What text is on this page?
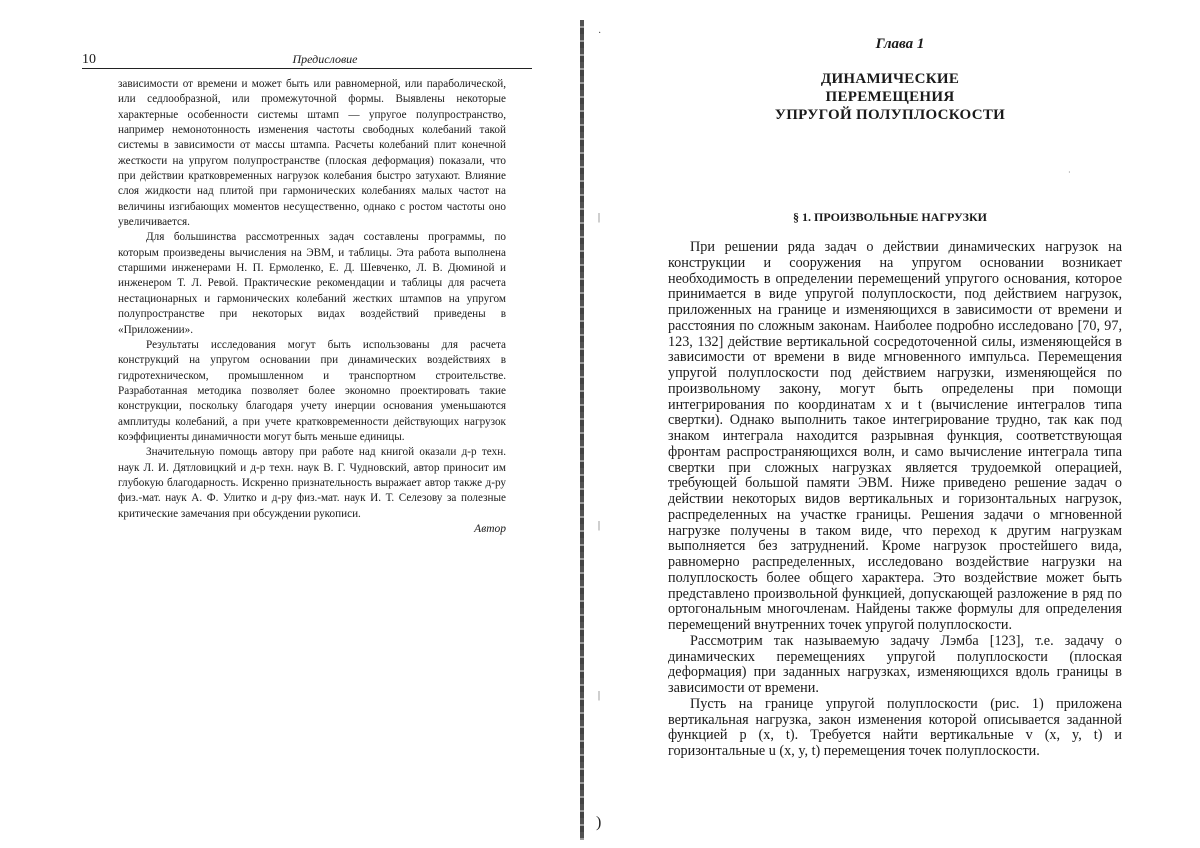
10	Предисловие

зависимости от времени и может быть или равномерной, или параболической, или седлообразной, или промежуточной формы. Выявлены некоторые характерные особенности системы штамп — упругое полупространство, например немонотонность изменения частоты свободных колебаний такой системы в зависимости от массы штампа. Расчеты колебаний плит конечной жесткости на упругом полупространстве (плоская деформация) показали, что при действии кратковременных нагрузок колебания быстро затухают. Влияние слоя жидкости над плитой при гармонических колебаниях малых частот на величины изгибающих моментов несущественно, однако с ростом частоты оно увеличивается.

Для большинства рассмотренных задач составлены программы, по которым произведены вычисления на ЭВМ, и таблицы. Эта работа выполнена старшими инженерами Н. П. Ермоленко, Е. Д. Шевченко, Л. В. Дюминой и инженером Т. Л. Ревой. Практические рекомендации и таблицы для расчета нестационарных и гармонических колебаний жестких штампов на упругом полупространстве при некоторых видах воздействий приведены в «Приложении».

Результаты исследования могут быть использованы для расчета конструкций на упругом основании при динамических воздействиях в гидротехническом, промышленном и транспортном строительстве. Разработанная методика позволяет более экономно проектировать такие конструкции, поскольку благодаря учету инерции основания уменьшаются амплитуды колебаний, а при учете кратковременности действующих нагрузок коэффициенты динамичности могут быть меньше единицы.

Значительную помощь автору при работе над книгой оказали д-р техн. наук Л. И. Дятловицкий и д-р техн. наук В. Г. Чудновский, автор приносит им глубокую благодарность. Искренно признательность выражает автор также д-ру физ.-мат. наук А. Ф. Улитко и д-ру физ.-мат. наук И. Т. Селезову за полезные критические замечания при обсуждении рукописи.

Автор
·
|
|
|
)
Глава 1
ДИНАМИЧЕСКИЕ
ПЕРЕМЕЩЕНИЯ
УПРУГОЙ ПОЛУПЛОСКОСТИ
·
§ 1. ПРОИЗВОЛЬНЫЕ НАГРУЗКИ

При решении ряда задач о действии динамических нагрузок на конструкции и сооружения на упругом основании возникает необходимость в определении перемещений упругого основания, которое принимается в виде упругой полуплоскости, под действием нагрузок, приложенных на границе и изменяющихся в зависимости от времени и расстояния по сложным законам. Наиболее подробно исследовано [70, 97, 123, 132] действие вертикальной сосредоточенной силы, изменяющейся в зависимости от времени в виде мгновенного импульса. Перемещения упругой полуплоскости под действием нагрузки, изменяющейся по произвольному закону, могут быть определены при помощи интегрирования по координатам x и t (вычисление интегралов типа свертки). Однако выполнить такое интегрирование трудно, так как под знаком интеграла находится разрывная функция, соответствующая фронтам распространяющихся волн, и само вычисление интеграла типа свертки при сложных нагрузках является трудоемкой операцией, требующей большой памяти ЭВМ. Ниже приведено решение задач о действии некоторых видов вертикальных и горизонтальных нагрузок, распределенных на участке границы. Решения задачи о мгновенной нагрузке получены в таком виде, что переход к другим нагрузкам выполняется без затруднений. Кроме нагрузок простейшего вида, равномерно распределенных, исследовано воздействие нагрузки на полуплоскость более общего характера. Это воздействие может быть представлено произвольной функцией, допускающей разложение в ряд по ортогональным многочленам. Найдены также формулы для определения перемещений внутренних точек упругой полуплоскости.

Рассмотрим так называемую задачу Лэмба [123], т.е. задачу о динамических перемещениях упругой полуплоскости (плоская деформация) при заданных нагрузках, изменяющихся вдоль границы в зависимости от времени.

Пусть на границе упругой полуплоскости (рис. 1) приложена вертикальная нагрузка, закон изменения которой описывается заданной функцией p (x, t). Требуется найти вертикальные v (x, y, t) и горизонтальные u (x, y, t) перемещения точек полуплоскости.
